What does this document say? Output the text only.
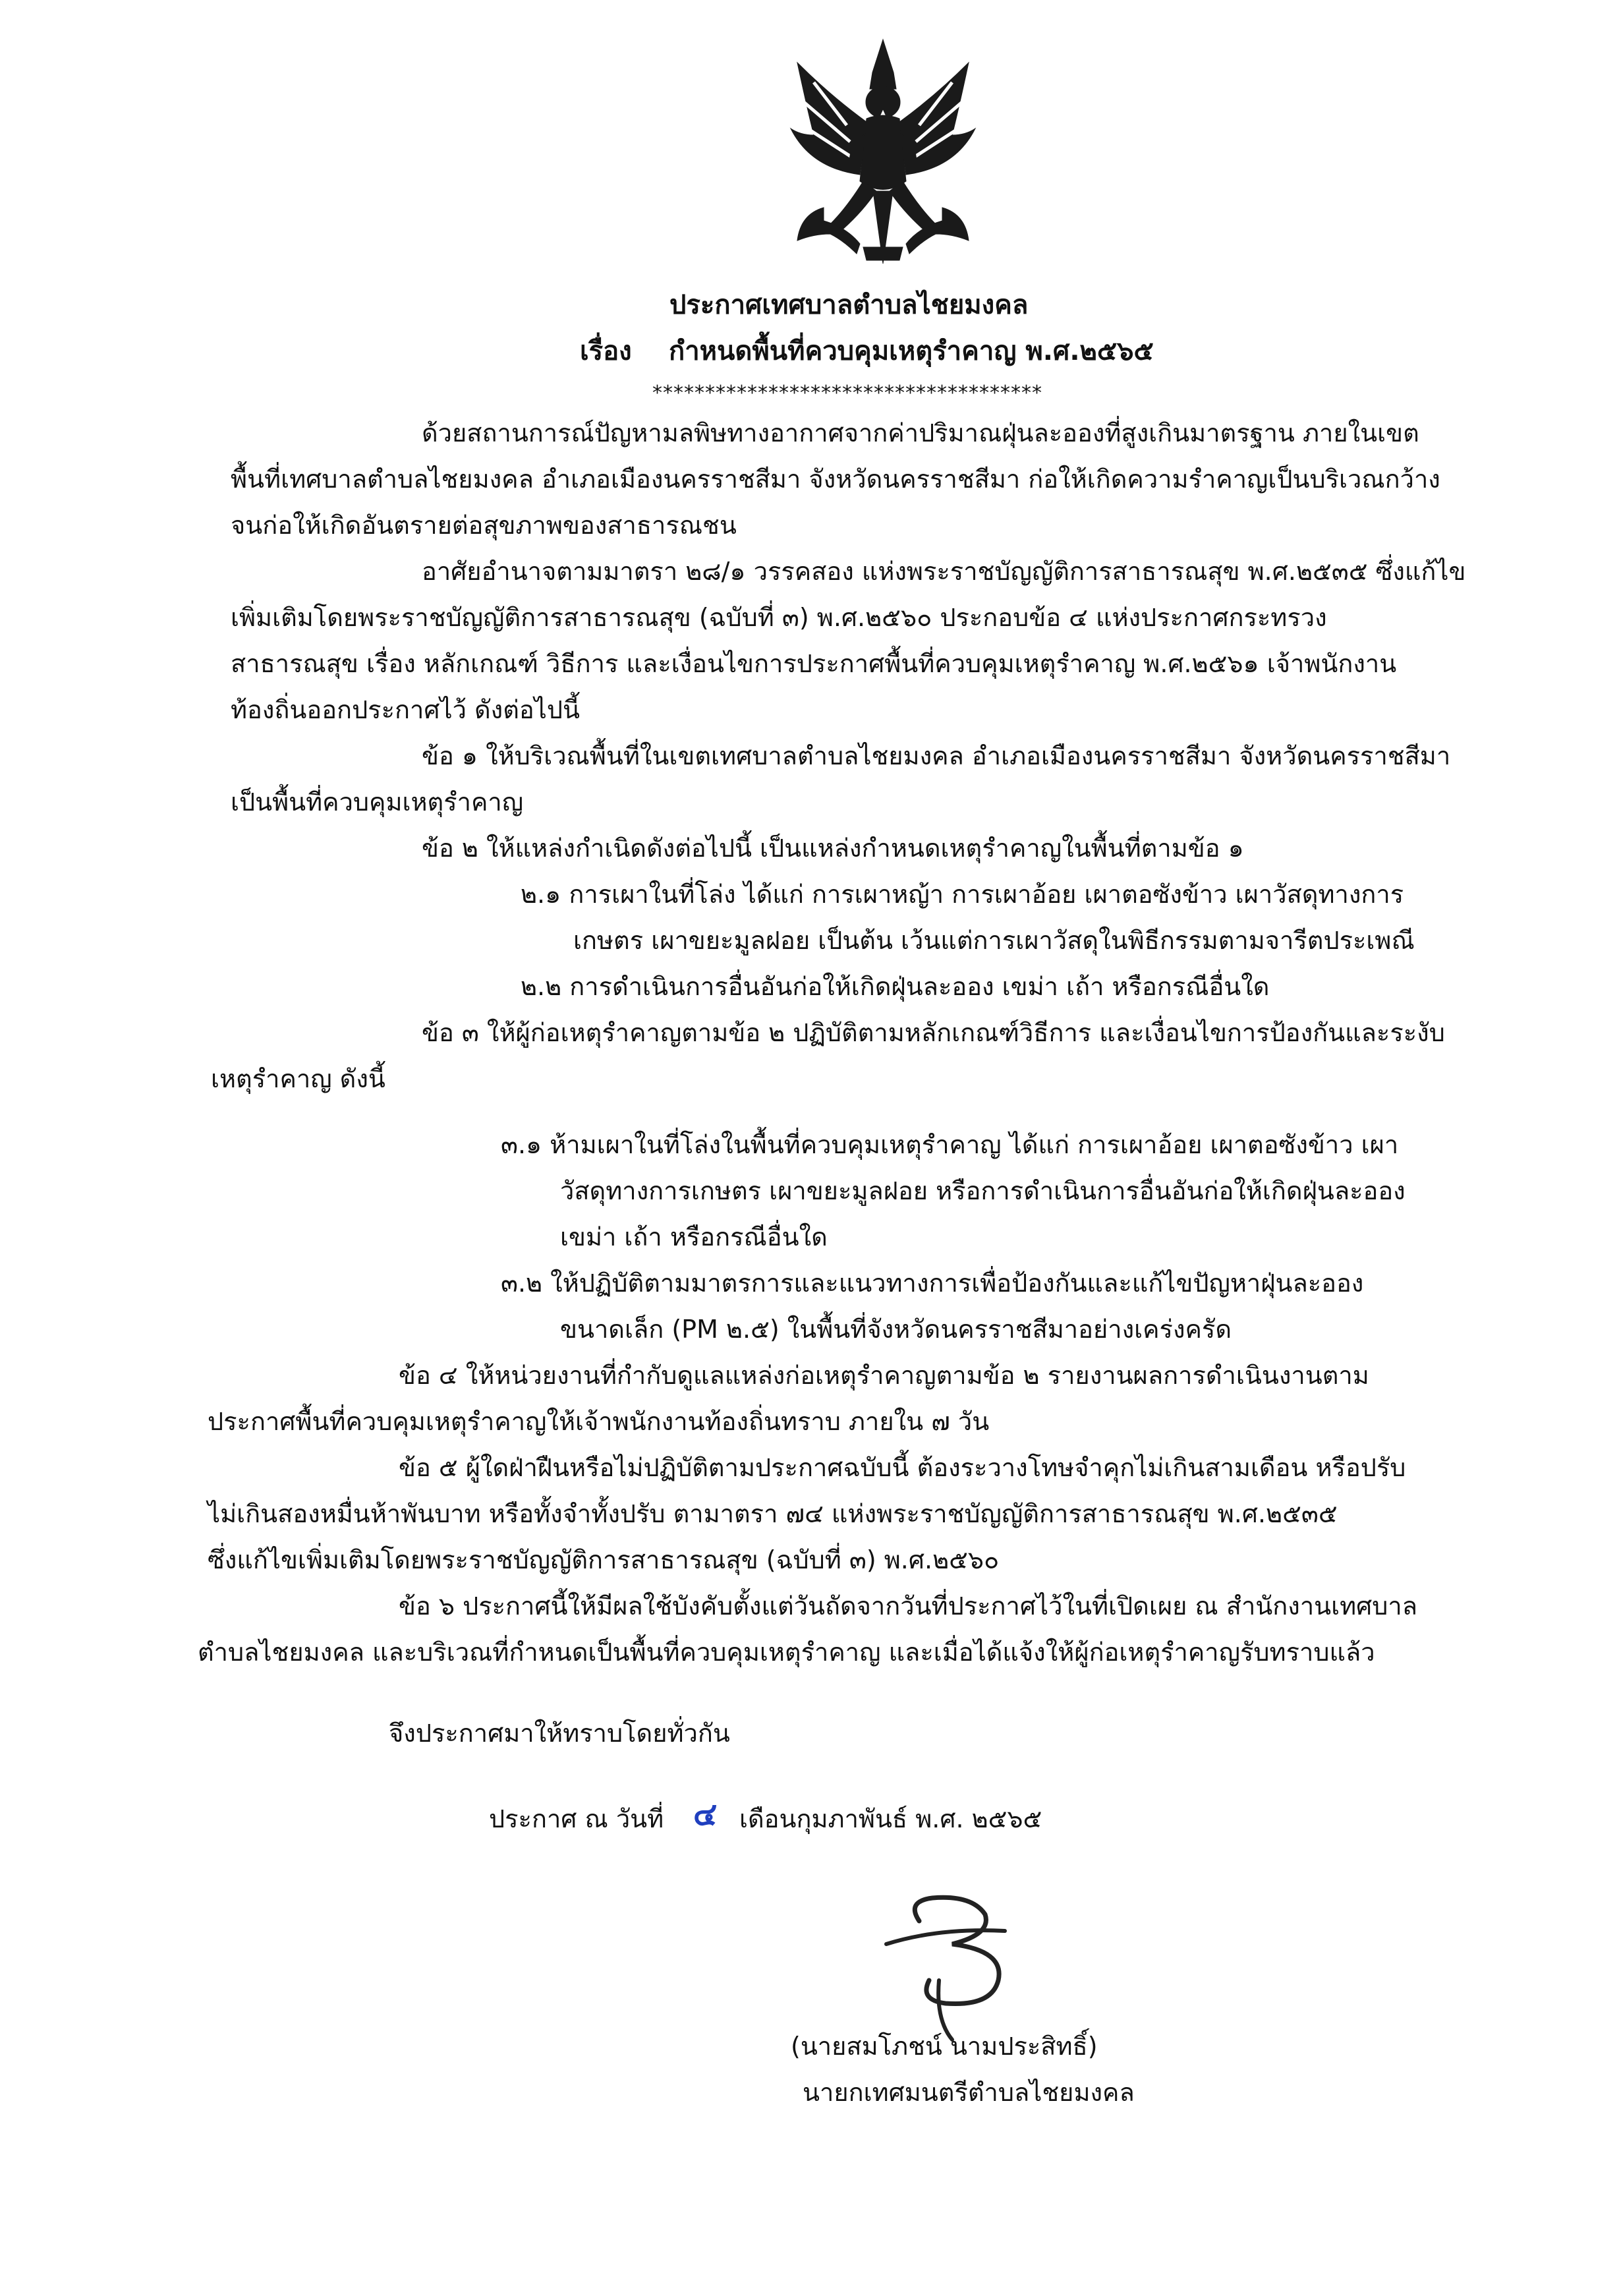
ประกาศเทศบาลตำบลไชยมงคล
เรื่อง กำหนดพื้นที่ควบคุมเหตุรำคาญ พ.ศ.๒๕๖๕
*************************************
ด้วยสถานการณ์ปัญหามลพิษทางอากาศจากค่าปริมาณฝุ่นละอองที่สูงเกินมาตรฐาน ภายในเขต
พื้นที่เทศบาลตำบลไชยมงคล อำเภอเมืองนครราชสีมา จังหวัดนครราชสีมา ก่อให้เกิดความรำคาญเป็นบริเวณกว้าง
จนก่อให้เกิดอันตรายต่อสุขภาพของสาธารณชน
อาศัยอำนาจตามมาตรา ๒๘/๑ วรรคสอง แห่งพระราชบัญญัติการสาธารณสุข พ.ศ.๒๕๓๕ ซึ่งแก้ไข
เพิ่มเติมโดยพระราชบัญญัติการสาธารณสุข (ฉบับที่ ๓) พ.ศ.๒๕๖๐ ประกอบข้อ ๔ แห่งประกาศกระทรวง
สาธารณสุข เรื่อง หลักเกณฑ์ วิธีการ และเงื่อนไขการประกาศพื้นที่ควบคุมเหตุรำคาญ พ.ศ.๒๕๖๑ เจ้าพนักงาน
ท้องถิ่นออกประกาศไว้ ดังต่อไปนี้
ข้อ ๑ ให้บริเวณพื้นที่ในเขตเทศบาลตำบลไชยมงคล อำเภอเมืองนครราชสีมา จังหวัดนครราชสีมา
เป็นพื้นที่ควบคุมเหตุรำคาญ
ข้อ ๒ ให้แหล่งกำเนิดดังต่อไปนี้ เป็นแหล่งกำหนดเหตุรำคาญในพื้นที่ตามข้อ ๑
๒.๑ การเผาในที่โล่ง ได้แก่ การเผาหญ้า การเผาอ้อย เผาตอซังข้าว เผาวัสดุทางการ
เกษตร เผาขยะมูลฝอย เป็นต้น เว้นแต่การเผาวัสดุในพิธีกรรมตามจารีตประเพณี
๒.๒ การดำเนินการอื่นอันก่อให้เกิดฝุ่นละออง เขม่า เถ้า หรือกรณีอื่นใด
ข้อ ๓ ให้ผู้ก่อเหตุรำคาญตามข้อ ๒ ปฏิบัติตามหลักเกณฑ์วิธีการ และเงื่อนไขการป้องกันและระงับ
เหตุรำคาญ ดังนี้
๓.๑ ห้ามเผาในที่โล่งในพื้นที่ควบคุมเหตุรำคาญ ได้แก่ การเผาอ้อย เผาตอซังข้าว เผา
วัสดุทางการเกษตร เผาขยะมูลฝอย หรือการดำเนินการอื่นอันก่อให้เกิดฝุ่นละออง
เขม่า เถ้า หรือกรณีอื่นใด
๓.๒ ให้ปฏิบัติตามมาตรการและแนวทางการเพื่อป้องกันและแก้ไขปัญหาฝุ่นละออง
ขนาดเล็ก (PM ๒.๕) ในพื้นที่จังหวัดนครราชสีมาอย่างเคร่งครัด
ข้อ ๔ ให้หน่วยงานที่กำกับดูแลแหล่งก่อเหตุรำคาญตามข้อ ๒ รายงานผลการดำเนินงานตาม
ประกาศพื้นที่ควบคุมเหตุรำคาญให้เจ้าพนักงานท้องถิ่นทราบ ภายใน ๗ วัน
ข้อ ๕ ผู้ใดฝ่าฝืนหรือไม่ปฏิบัติตามประกาศฉบับนี้ ต้องระวางโทษจำคุกไม่เกินสามเดือน หรือปรับ
ไม่เกินสองหมื่นห้าพันบาท หรือทั้งจำทั้งปรับ ตามาตรา ๗๔ แห่งพระราชบัญญัติการสาธารณสุข พ.ศ.๒๕๓๕
ซึ่งแก้ไขเพิ่มเติมโดยพระราชบัญญัติการสาธารณสุข (ฉบับที่ ๓) พ.ศ.๒๕๖๐
ข้อ ๖ ประกาศนี้ให้มีผลใช้บังคับตั้งแต่วันถัดจากวันที่ประกาศไว้ในที่เปิดเผย ณ สำนักงานเทศบาล
ตำบลไชยมงคล และบริเวณที่กำหนดเป็นพื้นที่ควบคุมเหตุรำคาญ และเมื่อได้แจ้งให้ผู้ก่อเหตุรำคาญรับทราบแล้ว
จึงประกาศมาให้ทราบโดยทั่วกัน
ประกาศ ณ วันที่ ๔ เดือนกุมภาพันธ์ พ.ศ. ๒๕๖๕
(นายสมโภชน์ นามประสิทธิ์)
นายกเทศมนตรีตำบลไชยมงคล
